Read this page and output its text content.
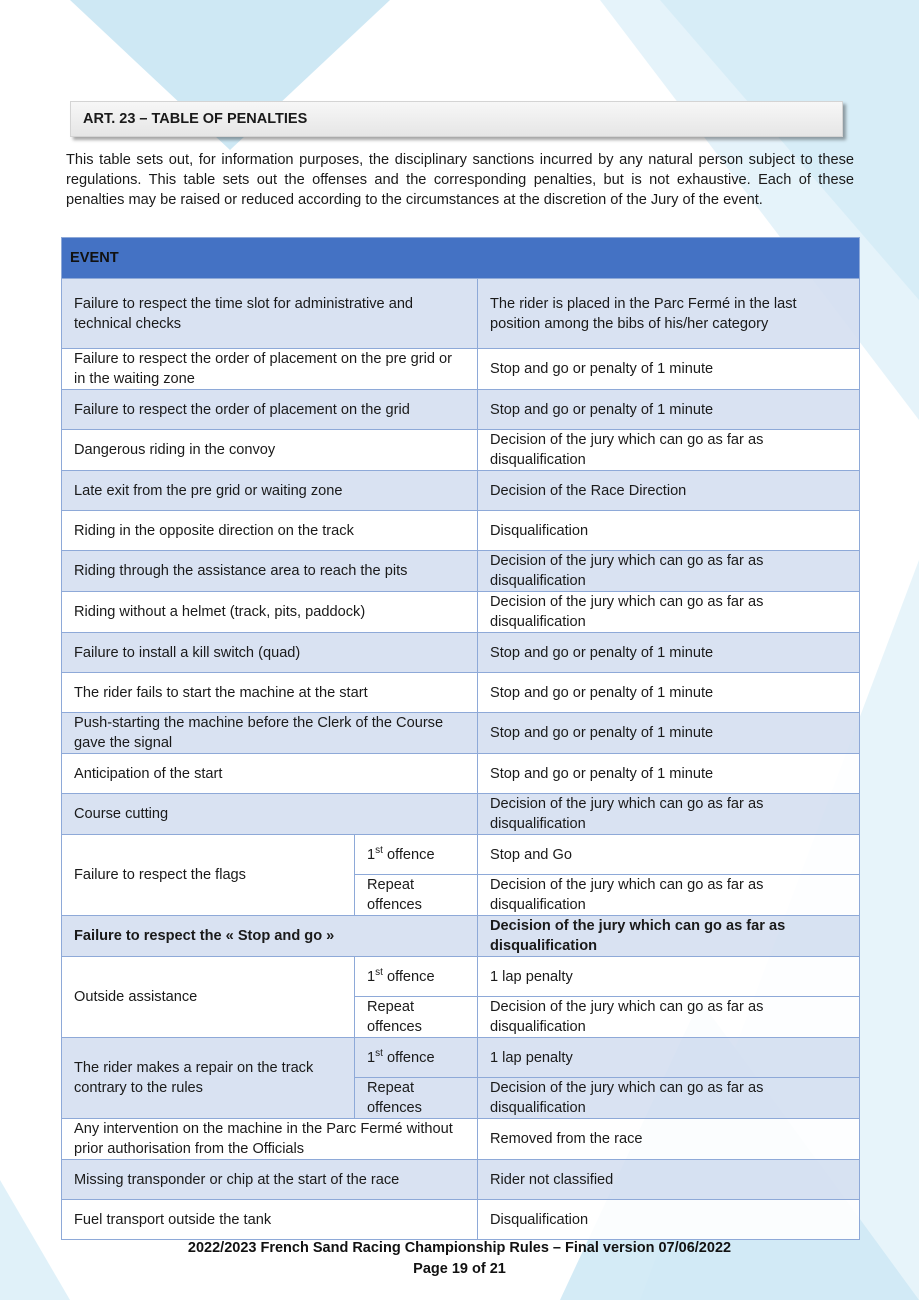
ART. 23 – TABLE OF PENALTIES
This table sets out, for information purposes, the disciplinary sanctions incurred by any natural person subject to these regulations. This table sets out the offenses and the corresponding penalties, but is not exhaustive. Each of these penalties may be raised or reduced according to the circumstances at the discretion of the Jury of the event.
EVENT		
Failure to respect the time slot for administrative and technical checks		The rider is placed in the Parc Fermé in the last position among the bibs of his/her category
Failure to respect the order of placement on the pre grid or in the waiting zone		Stop and go or penalty of 1 minute
Failure to respect the order of placement on the grid		Stop and go or penalty of 1 minute
Dangerous riding in the convoy		Decision of the jury which can go as far as disqualification
Late exit from the pre grid or waiting zone		Decision of the Race Direction
Riding in the opposite direction on the track		Disqualification
Riding through the assistance area to reach the pits		Decision of the jury which can go as far as disqualification
Riding without a helmet (track, pits, paddock)		Decision of the jury which can go as far as disqualification
Failure to install a kill switch (quad)		Stop and go or penalty of 1 minute
The rider fails to start the machine at the start		Stop and go or penalty of 1 minute
Push-starting the machine before the Clerk of the Course gave the signal		Stop and go or penalty of 1 minute
Anticipation of the start		Stop and go or penalty of 1 minute
Course cutting		Decision of the jury which can go as far as disqualification
Failure to respect the flags	1st offence	Stop and Go
	Repeat offences	Decision of the jury which can go as far as disqualification
Failure to respect the « Stop and go »		Decision of the jury which can go as far as disqualification
Outside assistance	1st offence	1 lap penalty
	Repeat offences	Decision of the jury which can go as far as disqualification
The rider makes a repair on the track contrary to the rules	1st offence	1 lap penalty
	Repeat offences	Decision of the jury which can go as far as disqualification
Any intervention on the machine in the Parc Fermé without prior authorisation from the Officials		Removed from the race
Missing transponder or chip at the start of the race		Rider not classified
Fuel transport outside the tank		Disqualification
2022/2023 French Sand Racing Championship Rules – Final version 07/06/2022
Page 19 of 21
